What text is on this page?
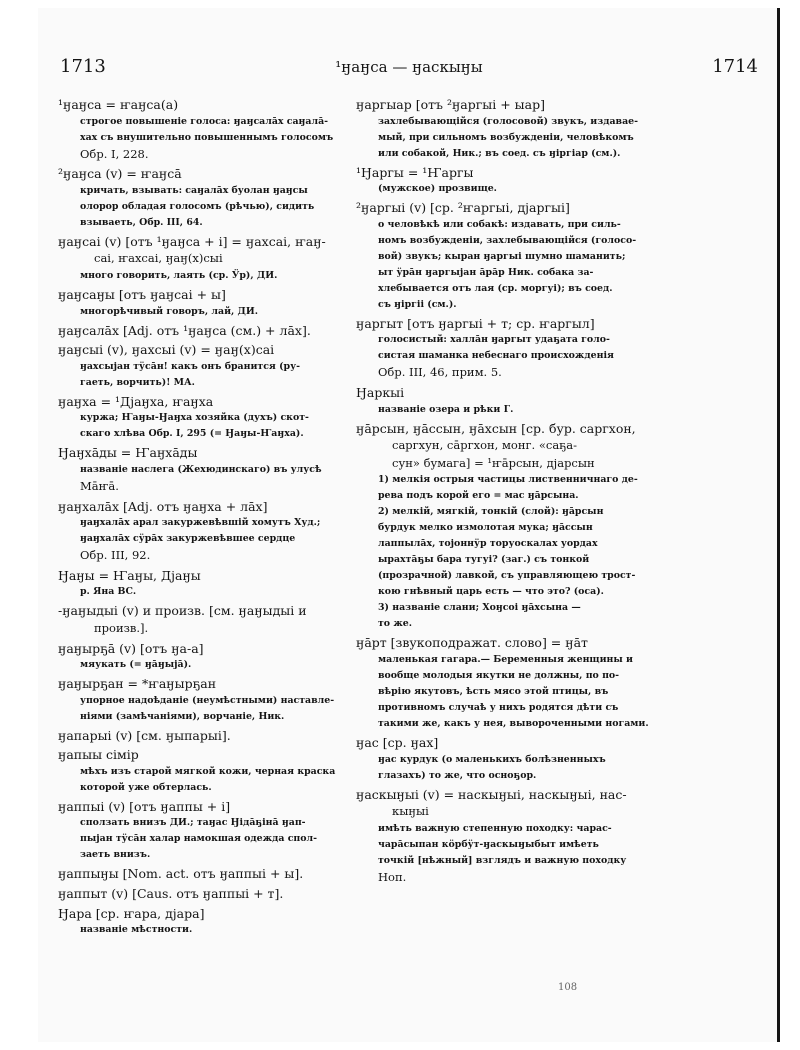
1713	¹ӈаӈса — ӈаскыӈы	1714
¹ӈаӈса = ҥаӈса(а)
строгое повышеніе голоса: ӈаӈсалāх саӈалā-
хах съ внушительно повышеннымъ голосомъ
Обр. I, 228.
²ӈаӈса (v) = ҥаӈсā
кричать, взывать: саӈалāх буолан ӈаӈсы
олорор обладая голосомъ (рѣчью), сидить
взываеть, Обр. III, 64.
ӈаӈсаі (v) [отъ ¹ӈаӈса + і] = ӈахсаі, ҥаӈ-
саі, ҥахсаі, ӈаӈ(х)сыі
много говорить, лаять (ср. Ӱр), ДИ.
ӈаӈсаӈы [отъ ӈаӈсаі + ы]
многорѣчивый говоръ, лай, ДИ.
ӈаӈсалāх [Adj. отъ ¹ӈаӈса (см.) + лāх].
ӈаӈсыі (v), ӈахсыі (v) = ӈаӈ(х)саі
ӈахсыјан тӱсāн! какъ онъ бранится (ру-
гаеть, ворчить)! МА.
ӈаӈха = ¹Дjаӈха, ҥаӈха
куржа; Ҥаӈы-Ӈаӈха хозяйка (духъ) скот-
скаго хлѣва Обр. I, 295 (= Ӈаӈы-Ҥаӈха).
Ӈаӈхāды = Ҥаӈхāды
названіе наслега (Жехюдинскаго) въ улусѣ
Мāҥā.
ӈаӈхалāх [Adj. отъ ӈаӈха + лāх]
ӈаӈхалāх арал закуржевѣвшій хомутъ Худ.;
ӈаӈхалāх сӱрāх закуржевѣвшее сердце
Обр. III, 92.
Ӈаӈы = Ҥаӈы, Дjаӈы
р. Яна ВС.
-ӈаӈыдыі (v) и произв. [см. ӈаӈыдыі и
произв.].
ӈаӈырҕā (v) [отъ ӈа-а]
мяукать (= ӈāӈыјā).
ӈаӈырҕан = *ҥаӈырҕан
упорное надоѣданіе (неумѣстными) наставле-
ніями (замѣчаніями), ворчаніе, Ник.
ӈапарыі (v) [см. ӈыпарыі].
ӈапыы сiмiр
мѣхъ изъ старой мягкой кожи, черная краска
которой уже обтерлась.
ӈаппыі (v) [отъ ӈаппы + і]
сползать внизъ ДИ.; таӈас Ӈiдāҕiнā ӈап-
пыјан тӱсāн халар намокшая одежда спол-
заеть внизъ.
ӈаппыӈы [Nom. act. отъ ӈаппыі + ы].
ӈаппыт (v) [Caus. отъ ӈаппыі + т].
Ӈара [ср. ҥара, дjара]
названіе мѣстности.
ӈаргыар [отъ ²ӈаргыі + ыар]
захлебывающійся (голосовой) звукъ, издавае-
мый, при сильномъ возбужденіи, человѣкомъ
или собакой, Ник.; въ соед. съ ӈiргiар (см.).
¹Ӈаргы = ¹Ҥаргы
(мужское) прозвище.
²ӈаргыі (v) [ср. ²ҥаргыі, дjаргыі]
о человѣкѣ или собакѣ: издавать, при силь-
номъ возбужденіи, захлебывающійся (голосо-
вой) звукъ; кыран ӈаргыі шумно шаманить;
ыт ӱрāн ӈаргыјан āрāр Ник. собака за-
хлебывается отъ лая (ср. моргуі); въ соед.
съ ӈiргii (см.).
ӈаргыт [отъ ӈаргыі + т; ср. ҥаргыл]
голосистый: халлāн ӈаргыт удаҕата голо-
систая шаманка небеснаго происхожденія
Обр. III, 46, прим. 5.
Ӈаркыі
названіе озера и рѣки Г.
ӈāрсын, ӈāссын, ӈāхсын [ср. бур. саргхон,
саргхун, сāргхон, монг. «саҕа-
сун» бумага] = ¹ҥāрсын, дjарсын
1) мелкія острыя частицы лиственничнаго де-
рева подъ корой его = мас ӈāрсына.
2) мелкій, мягкій, тонкій (слой): ӈāрсын
бурдук мелко измолотая мука; ӈāссын
лаппылāх, тојоннӱр торуоскалах уордах
ырахтāҕы бара тугуі? (заг.) съ тонкой
(прозрачной) лавкой, съ управляющею трост-
кою гнѣвный царь есть — что это? (оса).
3) названіе слани; Хоӈсоі ӈāхсына —
то же.
ӈāрт [звукоподражат. слово] = ӈāт
маленькая гагара.— Беременныя женщины и
вообще молодыя якутки не должны, по по-
вѣрію якутовъ, ѣсть мясо этой птицы, въ
противномъ случаѣ у нихъ родятся дѣти съ
такими же, какъ у нея, вывороченными ногами.
ӈас [ср. ӈах]
ӈас курдук (о маленькихъ болѣзненныхъ
глазахъ) то же, что осноҕор.
ӈаскыӈыі (v) = наскыӈыі, наскыӈыі, нас-
кыӈыі
имѣть важную степенную походку: чарас-
чарāсыпан кӧрбӱт-ӈаскыӈыбыт имѣеть
точкій [нѣжный] взглядъ и важную походку
Ноп.
108
